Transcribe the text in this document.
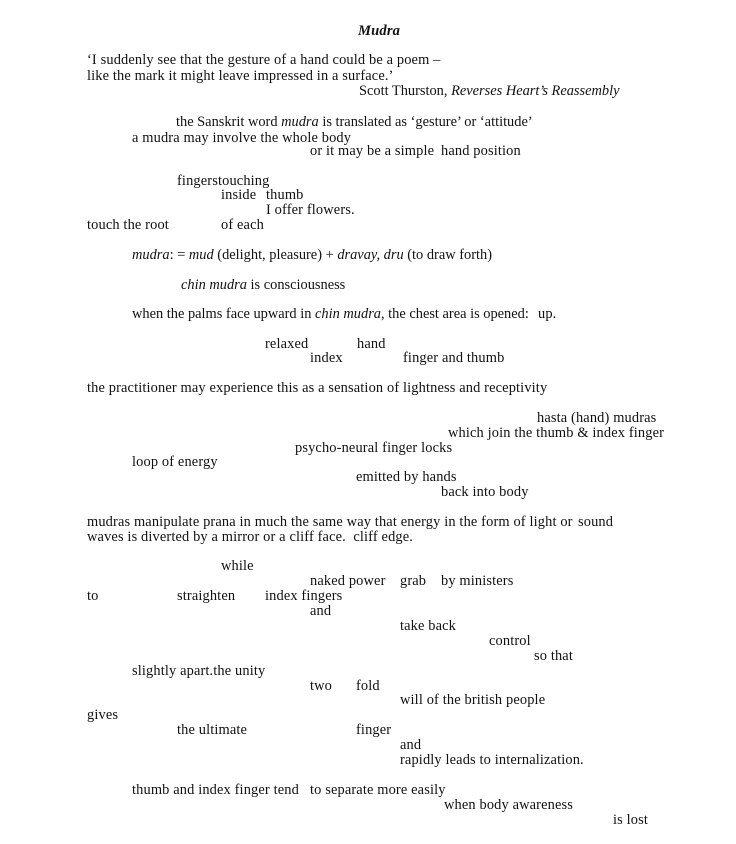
Mudra
‘I suddenly see that the gesture of a hand could be a poem –
like the mark it might leave impressed in a surface.’
Scott Thurston, Reverses Heart’s Reassembly
the Sanskrit word mudra is translated as ‘gesture’ or ‘attitude’
a mudra may involve the whole body
or it may be a simple hand position
fingerstouching
inside thumb
I offer flowers.
touch the root	of each
mudra: = mud (delight, pleasure) + dravay, dru (to draw forth)
chin mudra is consciousness
when the palms face upward in chin mudra, the chest area is opened: up.
relaxed	hand
index	finger and thumb
the practitioner may experience this as a sensation of lightness and receptivity
hasta (hand) mudras
which join the thumb & index finger
psycho-neural finger locks
loop of energy
emitted by hands
back into body
mudras manipulate prana in much the same way that energy in the form of light or sound
waves is diverted by a mirror or a cliff face.  cliff edge.
while
naked power grab by ministers
to	straighten index fingers
and
take back
control
so that
slightly apart.the unity
two fold
will of the british people
gives
the ultimate	finger
and
rapidly leads to internalization.
thumb and index finger tend to separate more easily
when body awareness
is lost
